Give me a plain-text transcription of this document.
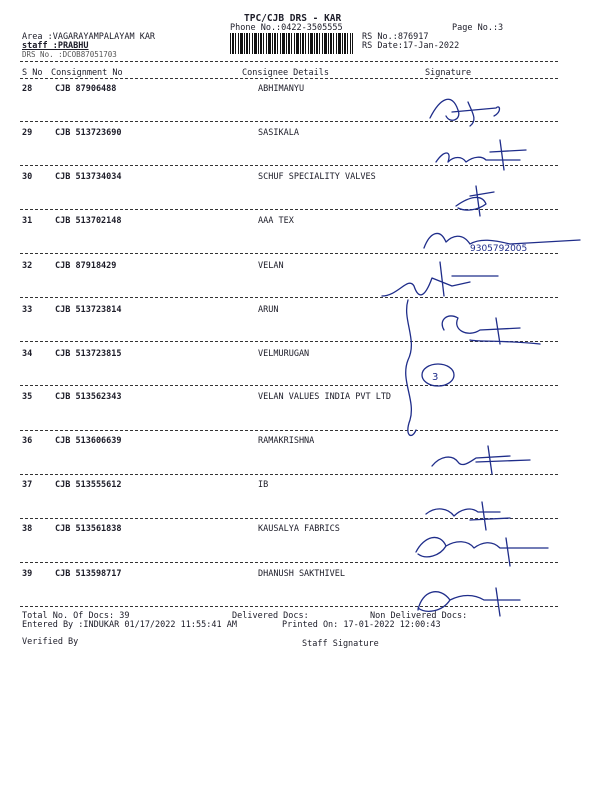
TPC/CJB DRS - KAR
Phone No.:0422-3505555	Page No.:3
Area :VAGARAYAMPALAYAM KAR
staff :PRABHU
DRS No. :DCOB87051703
RS No.:876917
RS Date:17-Jan-2022
S No Consignment No	Consignee Details	Signature
28	CJB 87906488	ABHIMANYU
29	CJB 513723690	SASIKALA
30	CJB 513734034	SCHUF SPECIALITY VALVES
31	CJB 513702148	AAA TEX
32	CJB 87918429	VELAN
33	CJB 513723814	ARUN
34	CJB 513723815	VELMURUGAN
35	CJB 513562343	VELAN VALUES INDIA PVT LTD
36	CJB 513606639	RAMAKRISHNA
37	CJB 513555612	IB
38	CJB 513561838	KAUSALYA FABRICS
39	CJB 513598717	DHANUSH SAKTHIVEL
3
9305792005
Total No. Of Docs: 39	Delivered Docs:	Non Delivered Docs:
Entered By :INDUKAR 01/17/2022 11:55:41 AM	Printed On: 17-01-2022 12:00:43
Verified By	Staff Signature
